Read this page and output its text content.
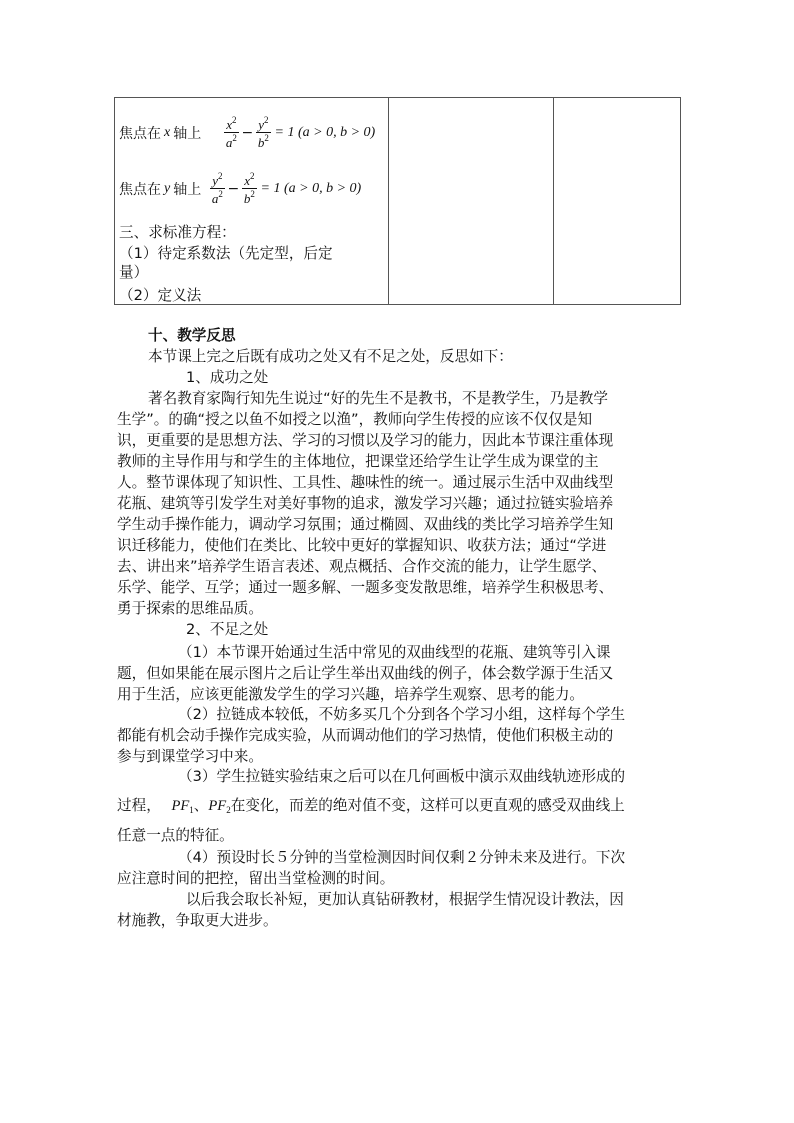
焦点在 x 轴上 $\frac{x^2}{a^2} - \frac{y^2}{b^2} = 1$ (a > 0, b > 0)
焦点在 y 轴上 $\frac{y^2}{a^2} - \frac{x^2}{b^2} = 1$ (a > 0, b > 0)
三、求标准方程：
（1）待定系数法（先定型，后定
量）
（2）定义法

十、教学反思
本节课上完之后既有成功之处又有不足之处，反思如下：
1、成功之处
著名教育家陶行知先生说过“好的先生不是教书，不是教学生，乃是教学
生学”。的确“授之以鱼不如授之以渔”，教师向学生传授的应该不仅仅是知
识，更重要的是思想方法、学习的习惯以及学习的能力，因此本节课注重体现
教师的主导作用与和学生的主体地位，把课堂还给学生让学生成为课堂的主
人。整节课体现了知识性、工具性、趣味性的统一。通过展示生活中双曲线型
花瓶、建筑等引发学生对美好事物的追求，激发学习兴趣；通过拉链实验培养
学生动手操作能力，调动学习氛围；通过椭圆、双曲线的类比学习培养学生知
识迁移能力，使他们在类比、比较中更好的掌握知识、收获方法；通过“学进
去、讲出来”培养学生语言表述、观点概括、合作交流的能力，让学生愿学、
乐学、能学、互学；通过一题多解、一题多变发散思维，培养学生积极思考、
勇于探索的思维品质。
2、不足之处
（1）本节课开始通过生活中常见的双曲线型的花瓶、建筑等引入课
题，但如果能在展示图片之后让学生举出双曲线的例子，体会数学源于生活又
用于生活，应该更能激发学生的学习兴趣，培养学生观察、思考的能力。
（2）拉链成本较低，不妨多买几个分到各个学习小组，这样每个学生
都能有机会动手操作完成实验，从而调动他们的学习热情，使他们积极主动的
参与到课堂学习中来。
（3）学生拉链实验结束之后可以在几何画板中演示双曲线轨迹形成的
过程， $PF_1$、$PF_2$在变化，而差的绝对值不变，这样可以更直观的感受双曲线上
任意一点的特征。
（4）预设时长５分钟的当堂检测因时间仅剩２分钟未来及进行。下次
应注意时间的把控，留出当堂检测的时间。
以后我会取长补短，更加认真钻研教材，根据学生情况设计教法，因
材施教，争取更大进步。
